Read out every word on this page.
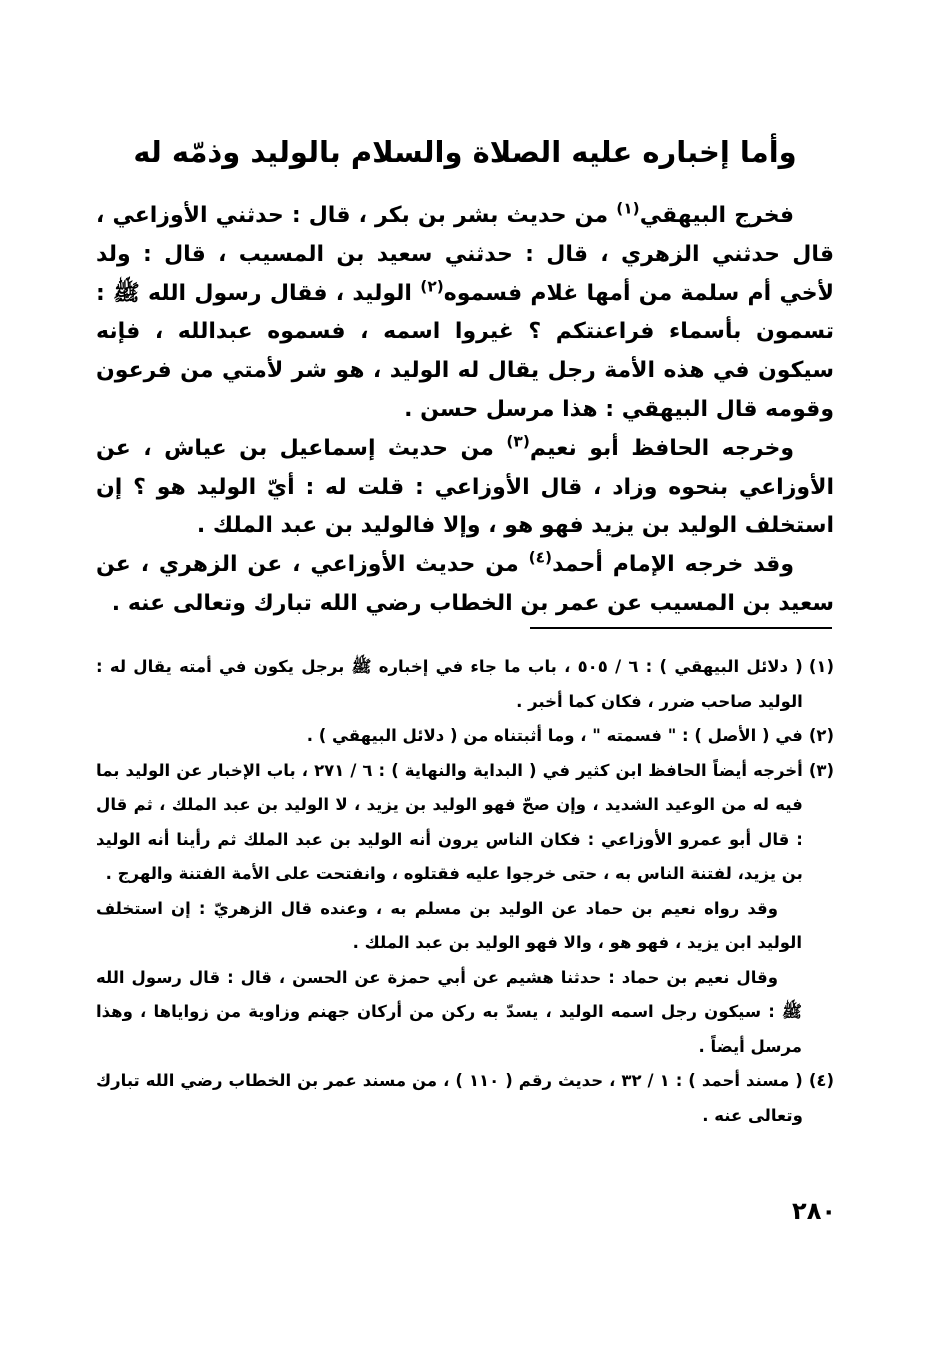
وأما إخباره عليه الصلاة والسلام بالوليد وذمّه له

فخرج البيهقي$^{(١)}$ من حديث بشر بن بكر ، قال : حدثني الأوزاعي ، قال حدثني الزهري ، قال : حدثني سعيد بن المسيب ، قال : ولد لأخي أم سلمة من أمها غلام فسموه$^{(٢)}$ الوليد ، فقال رسول الله ﷺ : تسمون بأسماء فراعنتكم ؟ غيروا اسمه ، فسموه عبدالله ، فإنه سيكون في هذه الأمة رجل يقال له الوليد ، هو شر لأمتي من فرعون وقومه قال البيهقي : هذا مرسل حسن .

وخرجه الحافظ أبو نعيم$^{(٣)}$ من حديث إسماعيل بن عياش ، عن الأوزاعي بنحوه وزاد ، قال الأوزاعي : قلت له : أيّ الوليد هو ؟ إن استخلف الوليد بن يزيد فهو هو ، وإلا فالوليد بن عبد الملك .

وقد خرجه الإمام أحمد$^{(٤)}$ من حديث الأوزاعي ، عن الزهري ، عن سعيد بن المسيب عن عمر بن الخطاب رضي الله تبارك وتعالى عنه .

(١)
( دلائل البيهقي ) : ٦ / ٥٠٥ ، باب ما جاء في إخباره ﷺ برجل يكون في أمته يقال له : الوليد صاحب ضرر ، فكان كما أخبر .
(٢)
في ( الأصل ) : " فسمته " ، وما أثبتناه من ( دلائل البيهقي ) .
(٣)
أخرجه أيضاً الحافظ ابن كثير في ( البداية والنهاية ) : ٦ / ٢٧١ ، باب الإخبار عن الوليد بما فيه له من الوعيد الشديد ، وإن صحّ فهو الوليد بن يزيد ، لا الوليد بن عبد الملك ، ثم قال : قال أبو عمرو الأوزاعي : فكان الناس يرون أنه الوليد بن عبد الملك ثم رأينا أنه الوليد بن يزيد، لفتنة الناس به ، حتى خرجوا عليه فقتلوه ، وانفتحت على الأمة الفتنة والهرج .

وقد رواه نعيم بن حماد عن الوليد بن مسلم به ، وعنده قال الزهريّ : إن استخلف الوليد ابن يزيد ، فهو هو ، والا فهو الوليد بن عبد الملك .

وقال نعيم بن حماد : حدثنا هشيم عن أبي حمزة عن الحسن ، قال : قال رسول الله ﷺ : سيكون رجل اسمه الوليد ، يسدّ به ركن من أركان جهنم وزاوية من زواياها ، وهذا مرسل أيضاً .

(٤)
( مسند أحمد ) : ١ / ٣٢ ، حديث رقم ( ١١٠ ) ، من مسند عمر بن الخطاب رضي الله تبارك وتعالى عنه .
٢٨٠
